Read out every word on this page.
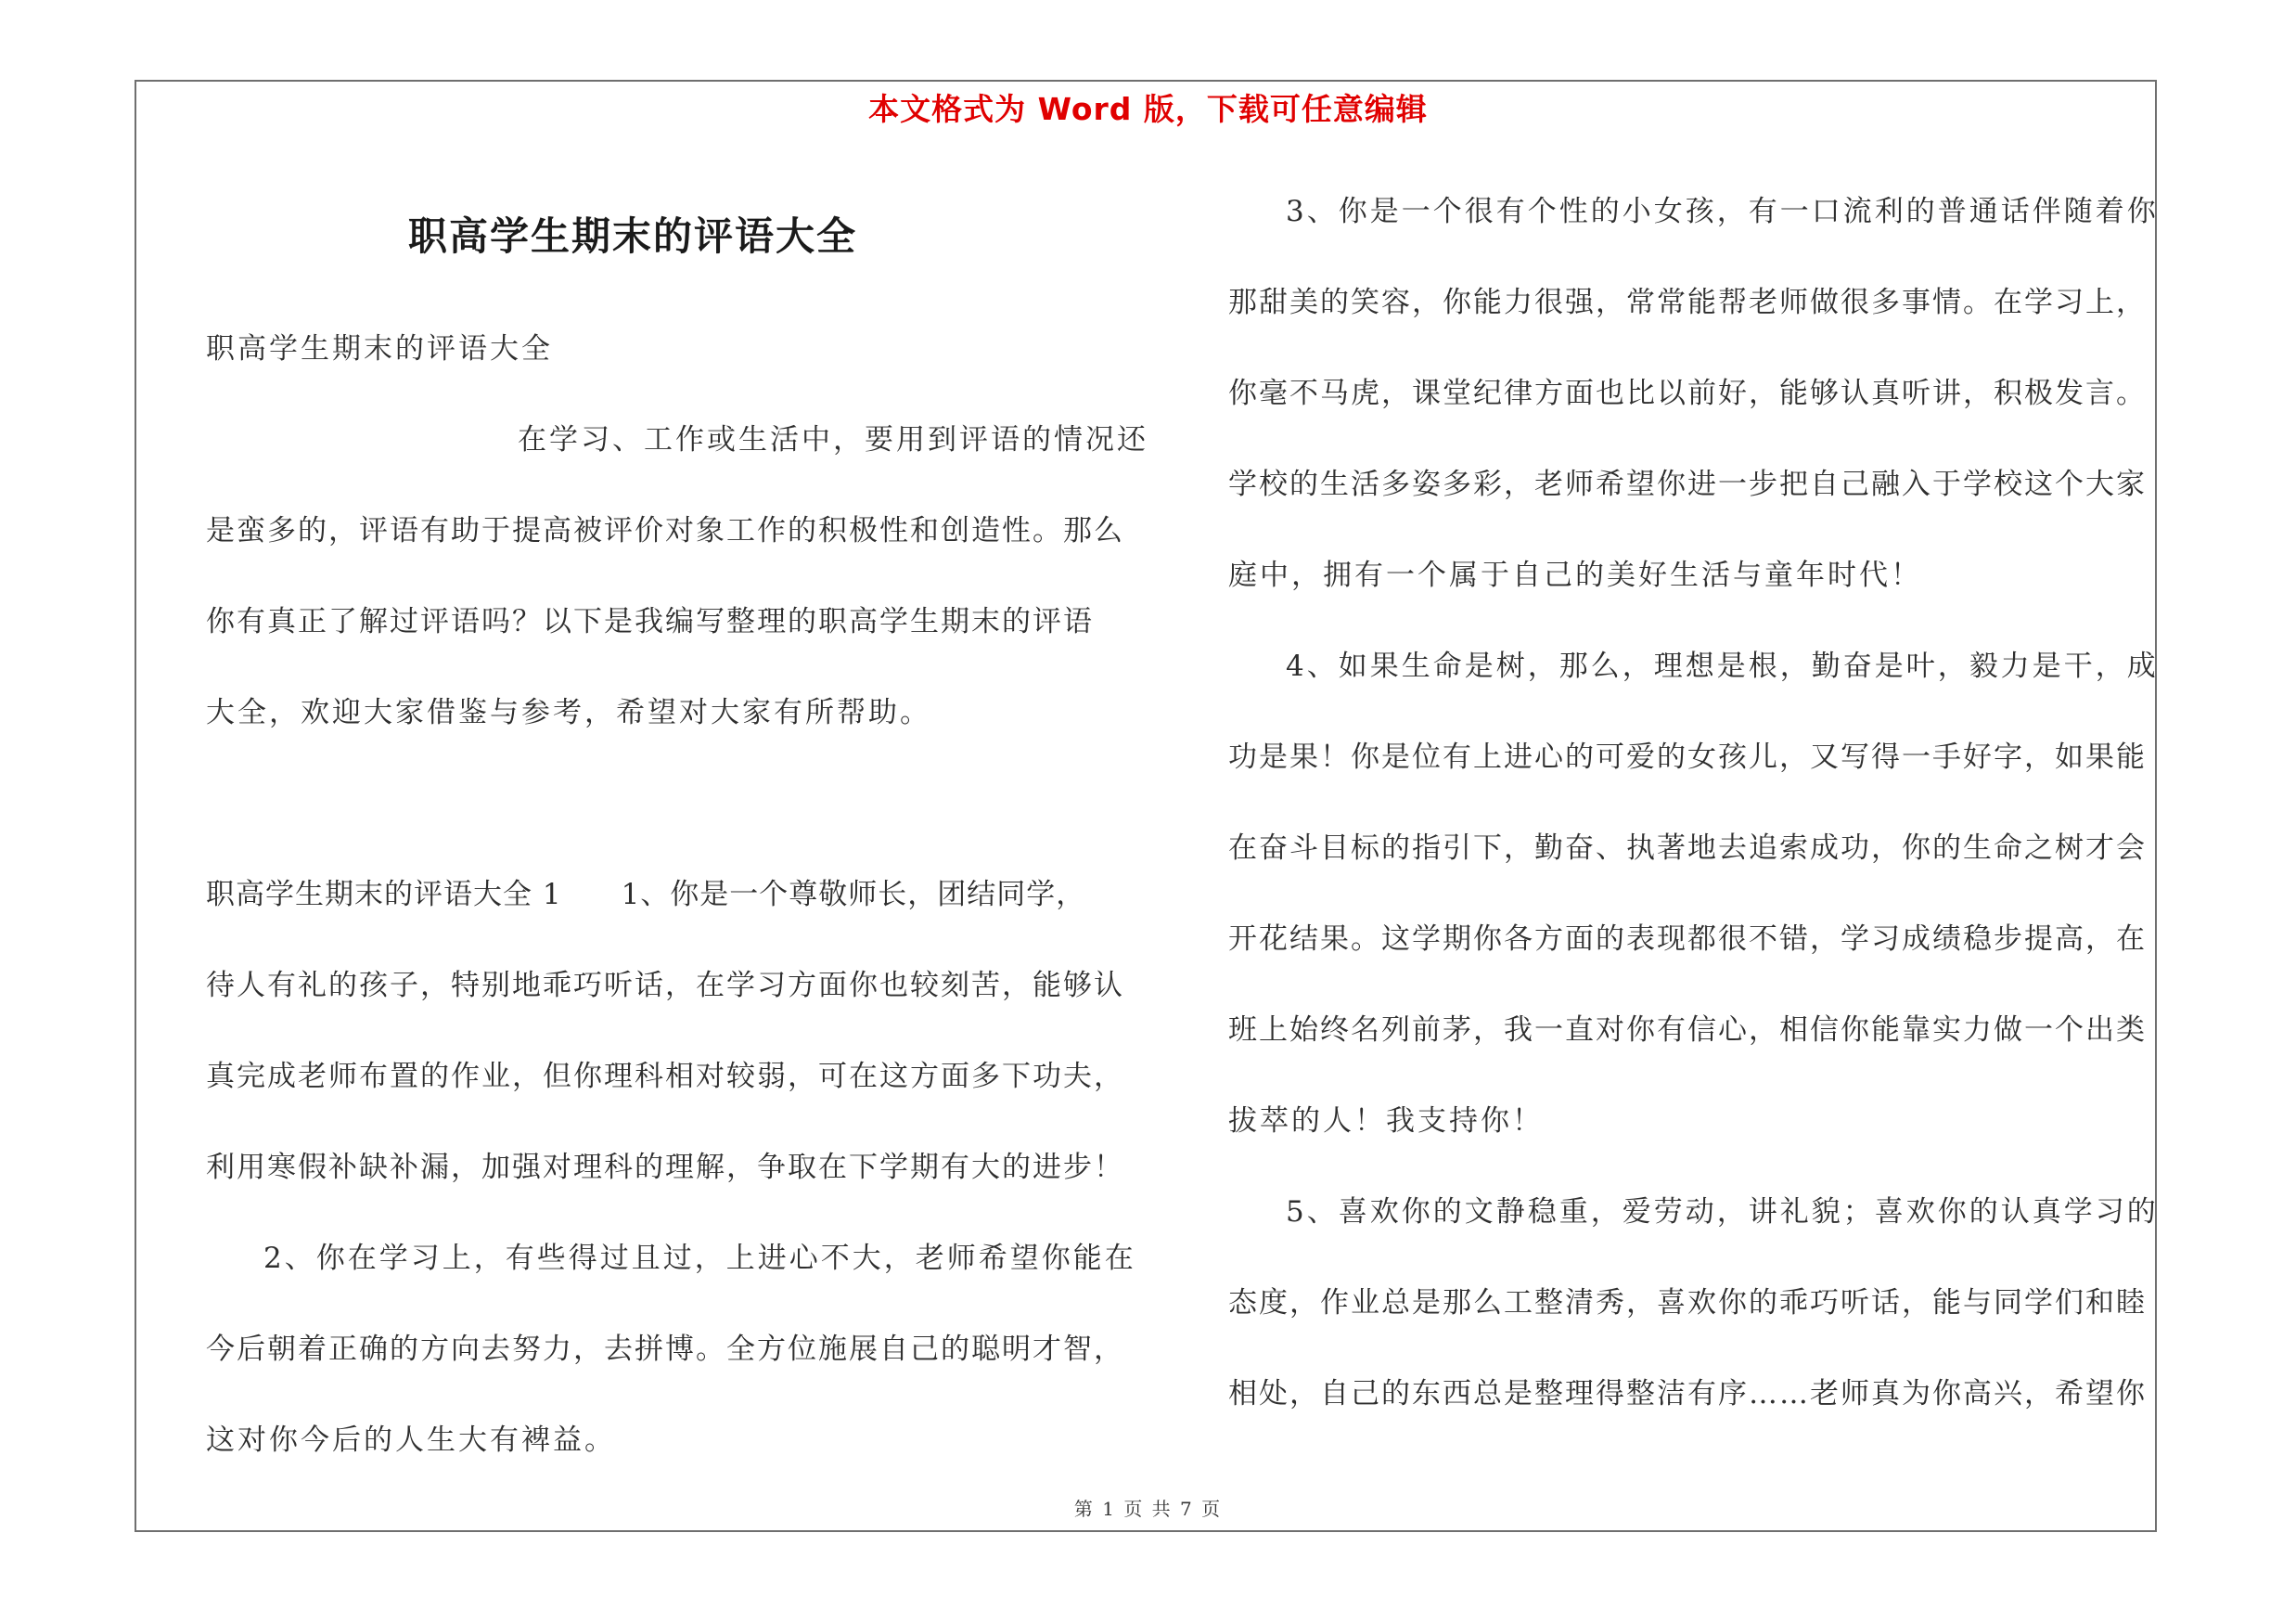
本文格式为 Word 版，下载可任意编辑
职高学生期末的评语大全
职高学生期末的评语大全
在学习、工作或生活中，要用到评语的情况还
是蛮多的，评语有助于提高被评价对象工作的积极性和创造性。那么
你有真正了解过评语吗？以下是我编写整理的职高学生期末的评语
大全，欢迎大家借鉴与参考，希望对大家有所帮助。
职高学生期末的评语大全 1　　1、你是一个尊敬师长，团结同学，
待人有礼的孩子，特别地乖巧听话，在学习方面你也较刻苦，能够认
真完成老师布置的作业，但你理科相对较弱，可在这方面多下功夫，
利用寒假补缺补漏，加强对理科的理解，争取在下学期有大的进步！
2、你在学习上，有些得过且过，上进心不大，老师希望你能在
今后朝着正确的方向去努力，去拼博。全方位施展自己的聪明才智，
这对你今后的人生大有裨益。
3、你是一个很有个性的小女孩，有一口流利的普通话伴随着你
那甜美的笑容，你能力很强，常常能帮老师做很多事情。在学习上，
你毫不马虎，课堂纪律方面也比以前好，能够认真听讲，积极发言。
学校的生活多姿多彩，老师希望你进一步把自己融入于学校这个大家
庭中，拥有一个属于自己的美好生活与童年时代！
4、如果生命是树，那么，理想是根，勤奋是叶，毅力是干，成
功是果！你是位有上进心的可爱的女孩儿，又写得一手好字，如果能
在奋斗目标的指引下，勤奋、执著地去追索成功，你的生命之树才会
开花结果。这学期你各方面的表现都很不错，学习成绩稳步提高，在
班上始终名列前茅，我一直对你有信心，相信你能靠实力做一个出类
拔萃的人！我支持你！
5、喜欢你的文静稳重，爱劳动，讲礼貌；喜欢你的认真学习的
态度，作业总是那么工整清秀，喜欢你的乖巧听话，能与同学们和睦
相处，自己的东西总是整理得整洁有序……老师真为你高兴，希望你
第 1 页 共 7 页
